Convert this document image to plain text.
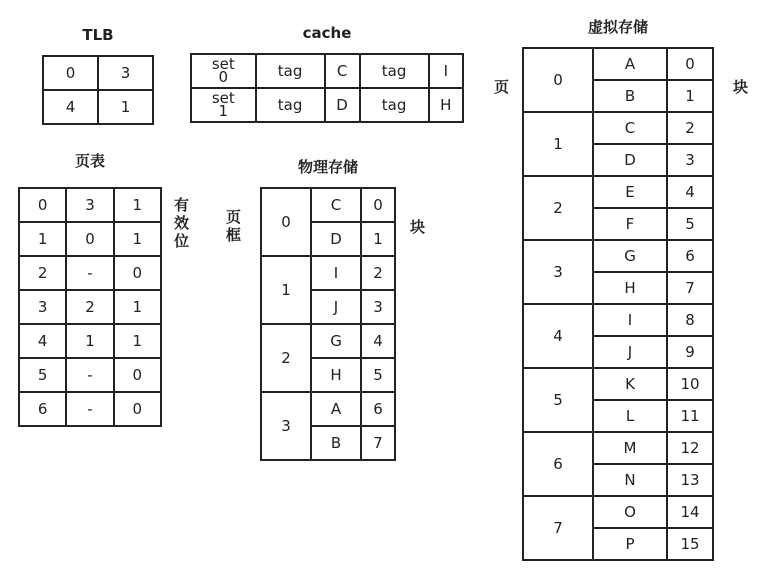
TLB
0	3
4	1
cache
set
0	tag	C	tag	I

set
1	tag	D	tag	H
页表
0	3	1
1	0	1
2	-	0
3	2	1
4	1	1
5	-	0
6	-	0
有
效
位
物理存储
页
框
0	C	0
	D	1
1	I	2
	J	3
2	G	4
	H	5
3	A	6
	B	7
块
虚拟存储
页	块
0	A	0
	B	1
1	C	2
	D	3
2	E	4
	F	5
3	G	6
	H	7
4	I	8
	J	9
5	K	10
	L	11
6	M	12
	N	13
7	O	14
	P	15
